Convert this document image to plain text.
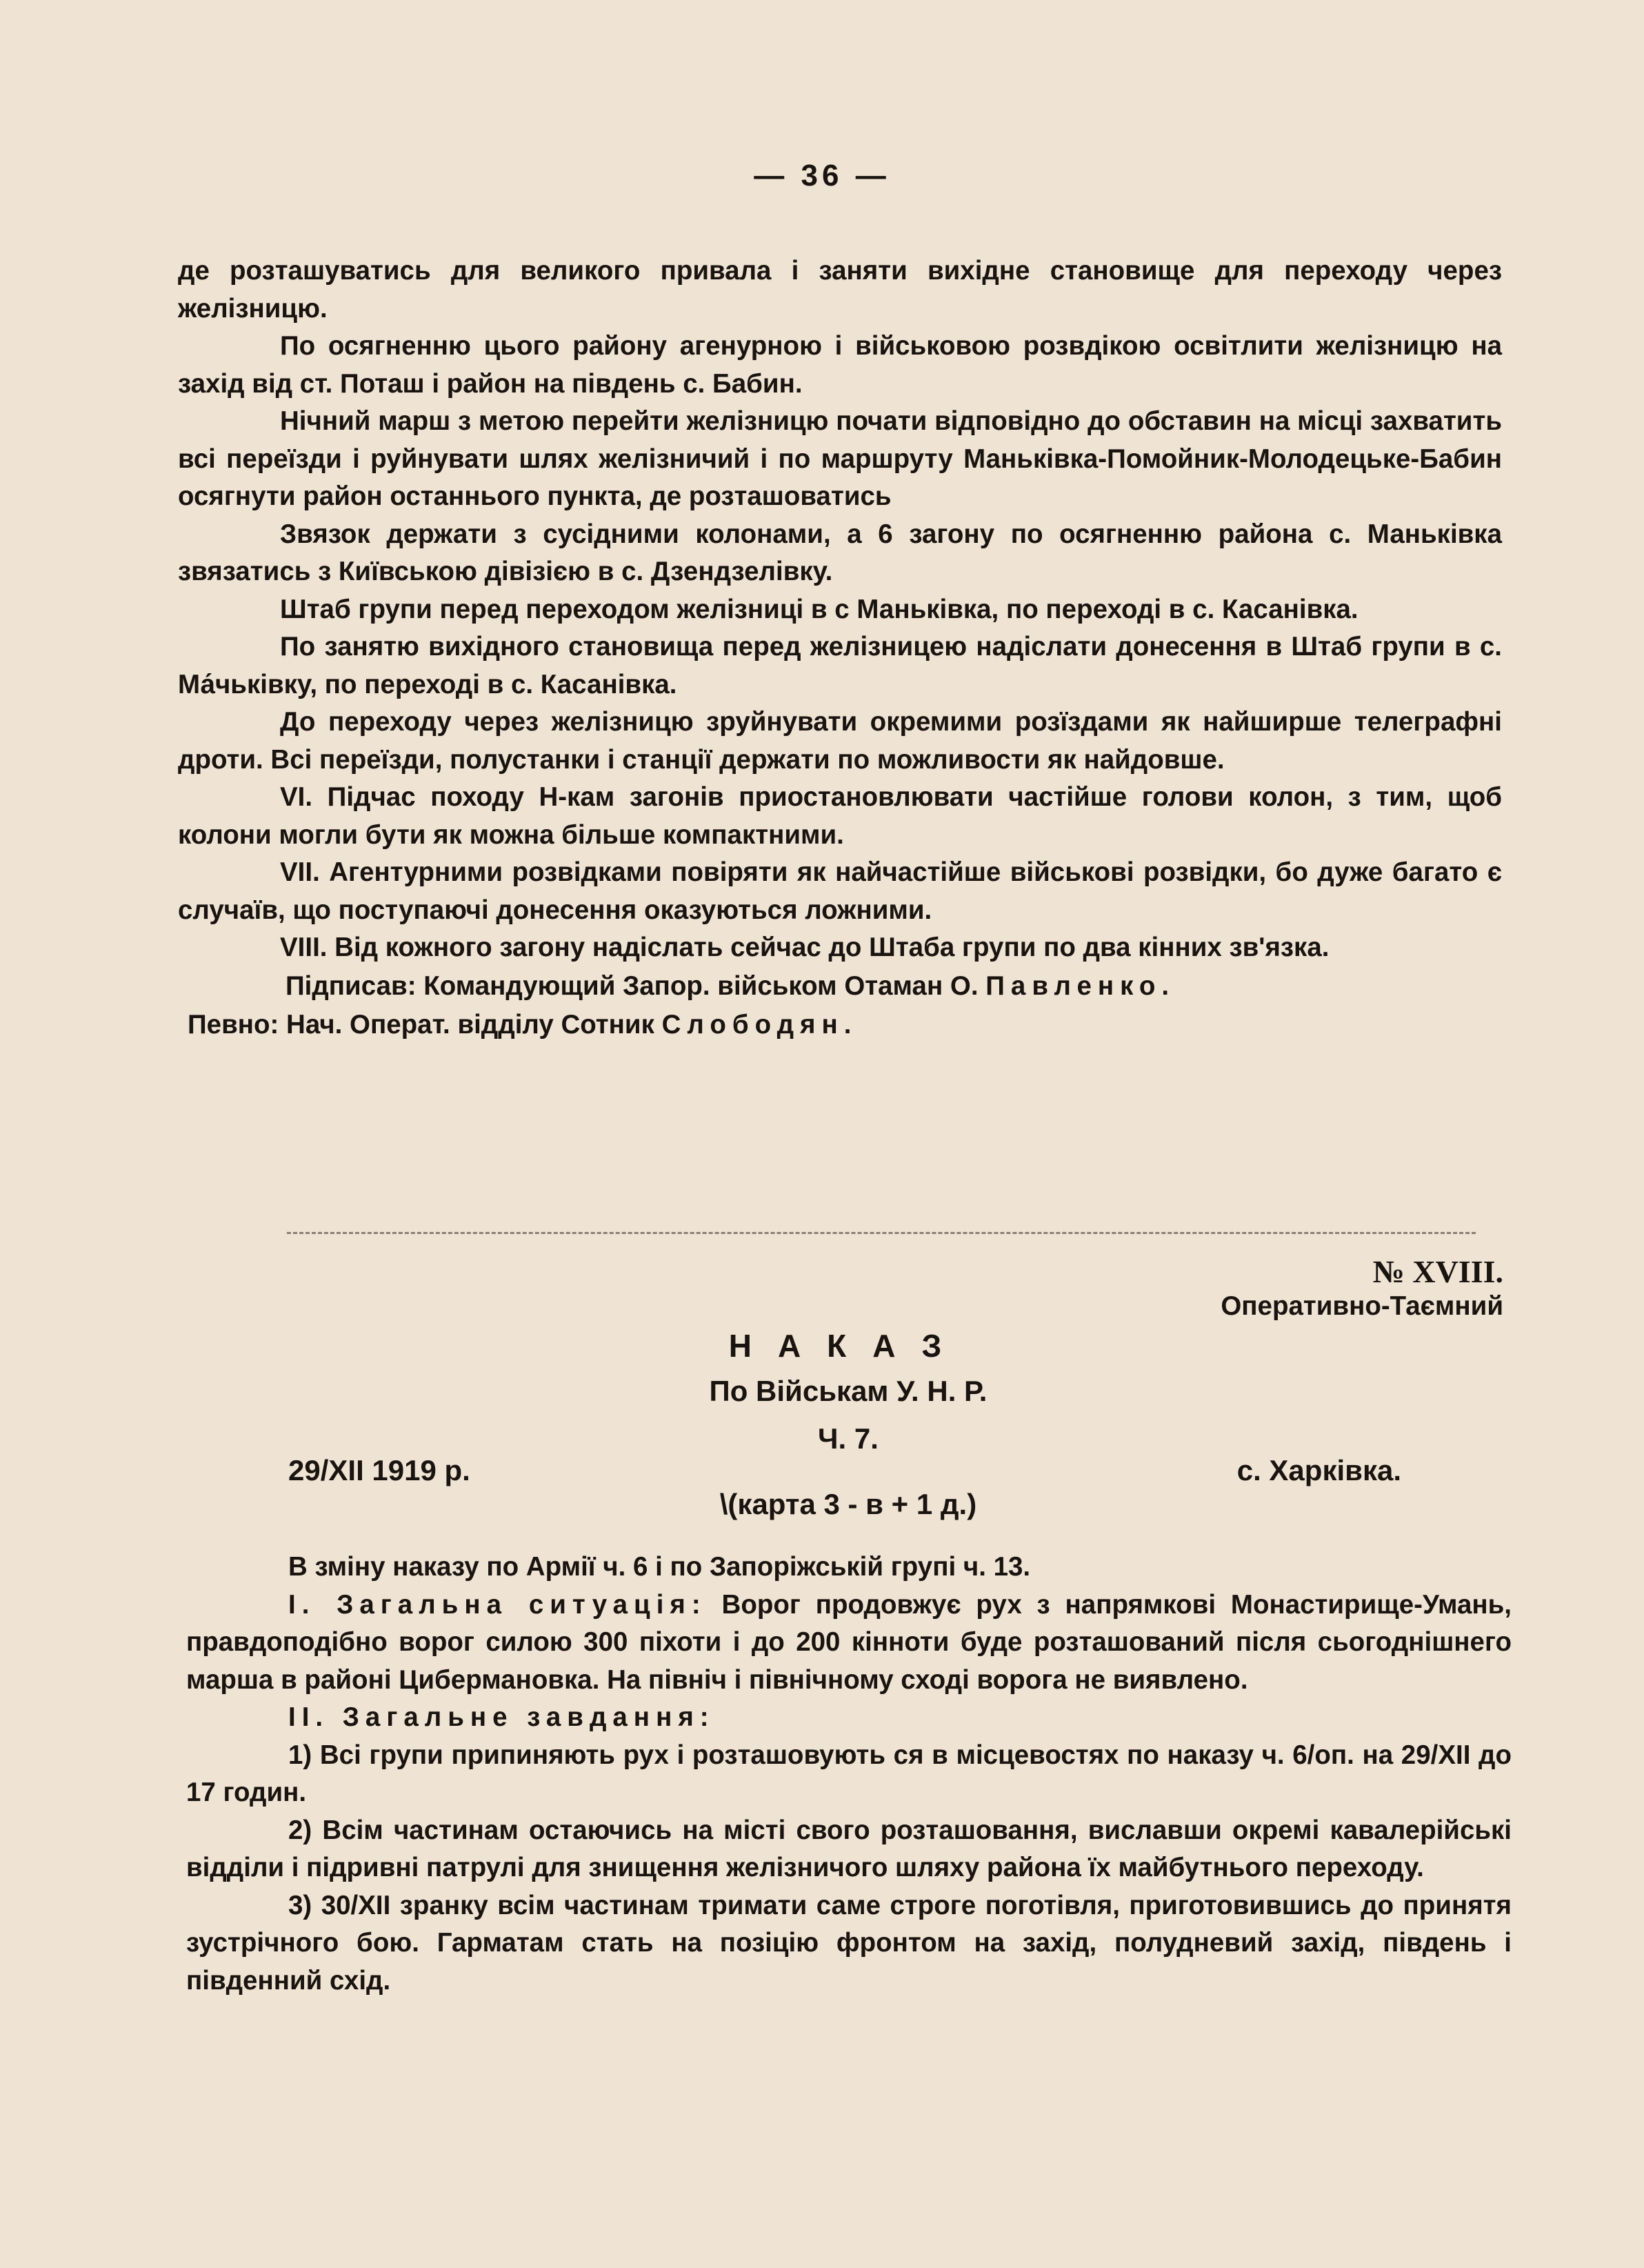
— 36 —

де розташуватись для великого привала і заняти вихідне становище для переходу через желізницю.

По осягненню цього району агенурною і військовою розвдікою освітлити желізницю на захід від ст. Поташ і район на південь с. Бабин.

Нічний марш з метою перейти желізницю почати відповідно до обставин на місці захватить всі переїзди і руйнувати шлях желізничий і по маршруту Маньківка-Помойник-Молодецьке-Бабин осягнути район останнього пункта, де розташоватись

Звязок держати з сусідними колонами, а 6 загону по осягненню района с. Маньківка звязатись з Київською дівізією в с. Дзендзелівку.

Штаб групи перед переходом желізниці в с Маньківка, по переході в с. Касанівка.

По занятю вихідного становища перед желізницею надіслати донесення в Штаб групи в с. Ма́чьківку, по переході в с. Касанівка.

До переходу через желізницю зруйнувати окремими розїздами як найширше телеграфні дроти. Всі переїзди, полустанки і станції держати по можливости як найдовше.

VI. Підчас походу Н-кам загонів приостановлювати частійше голови колон, з тим, щоб колони могли бути як можна більше компактними.

VII. Агентурними розвідками повіряти як найчастійше військові розвідки, бо дуже багато є случаїв, що поступаючі донесення оказуються ложними.

VIII. Від кожного загону надіслать сейчас до Штаба групи по два кінних зв'язка.

Підписав: Командующий Запор. військом Отаман О. Павленко.

Певно: Нач. Операт. відділу Сотник Слободян.

№ XVIII.
Оперативно-Таємний
НАКАЗ
По Військам У. Н. Р.
Ч. 7.
29/XII 1919 р.	с. Харківка.
\(карта 3 - в + 1 д.)

В зміну наказу по Армії ч. 6 і по Запоріжській групі ч. 13.

I. Загальна ситуація: Ворог продовжує рух з напрямкові Монастирище-Умань, правдоподібно ворог силою 300 піхоти і до 200 кінноти буде розташований після сьогоднішнего марша в районі Цибермановка. На північ і північному сході ворога не виявлено.

II. Загальне завдання:

1) Всі групи припиняють рух і розташовують ся в місцевостях по наказу ч. 6/оп. на 29/XII до 17 годин.

2) Всім частинам остаючись на місті свого розташовання, виславши окремі кавалерійські відділи і підривні патрулі для знищення желізничого шляху района їх майбутнього переходу.

3) 30/XII зранку всім частинам тримати саме строге поготівля, приготовившись до принятя зустрічного бою. Гарматам стать на позіцію фронтом на захід, полудневий захід, південь і південний схід.
